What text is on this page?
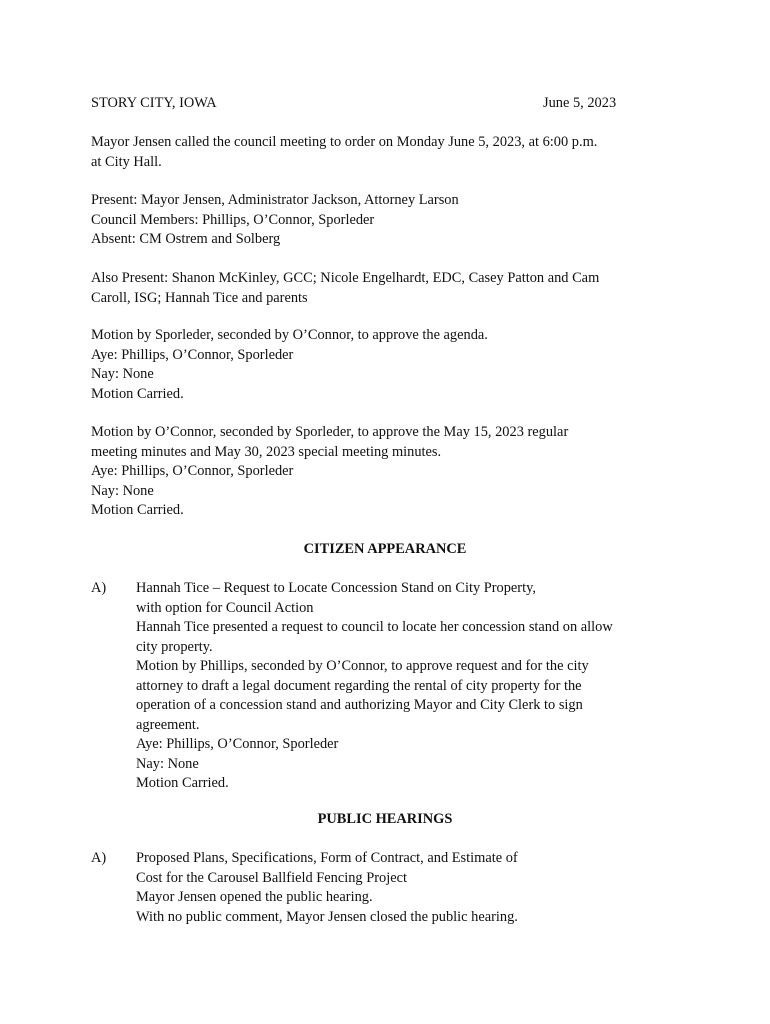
STORY CITY, IOWA	June 5, 2023
Mayor Jensen called the council meeting to order on Monday June 5, 2023, at 6:00 p.m.
at City Hall.
Present: Mayor Jensen, Administrator Jackson, Attorney Larson
Council Members: Phillips, O’Connor, Sporleder
Absent: CM Ostrem and Solberg
Also Present: Shanon McKinley, GCC; Nicole Engelhardt, EDC, Casey Patton and Cam
Caroll, ISG; Hannah Tice and parents
Motion by Sporleder, seconded by O’Connor, to approve the agenda.
Aye: Phillips, O’Connor, Sporleder
Nay: None
Motion Carried.
Motion by O’Connor, seconded by Sporleder, to approve the May 15, 2023 regular
meeting minutes and May 30, 2023 special meeting minutes.
Aye: Phillips, O’Connor, Sporleder
Nay: None
Motion Carried.
CITIZEN APPEARANCE
A) Hannah Tice – Request to Locate Concession Stand on City Property,
with option for Council Action
Hannah Tice presented a request to council to locate her concession stand on allow
city property.
Motion by Phillips, seconded by O’Connor, to approve request and for the city
attorney to draft a legal document regarding the rental of city property for the
operation of a concession stand and authorizing Mayor and City Clerk to sign
agreement.
Aye: Phillips, O’Connor, Sporleder
Nay: None
Motion Carried.
PUBLIC HEARINGS
A) Proposed Plans, Specifications, Form of Contract, and Estimate of
Cost for the Carousel Ballfield Fencing Project
Mayor Jensen opened the public hearing.
With no public comment, Mayor Jensen closed the public hearing.
